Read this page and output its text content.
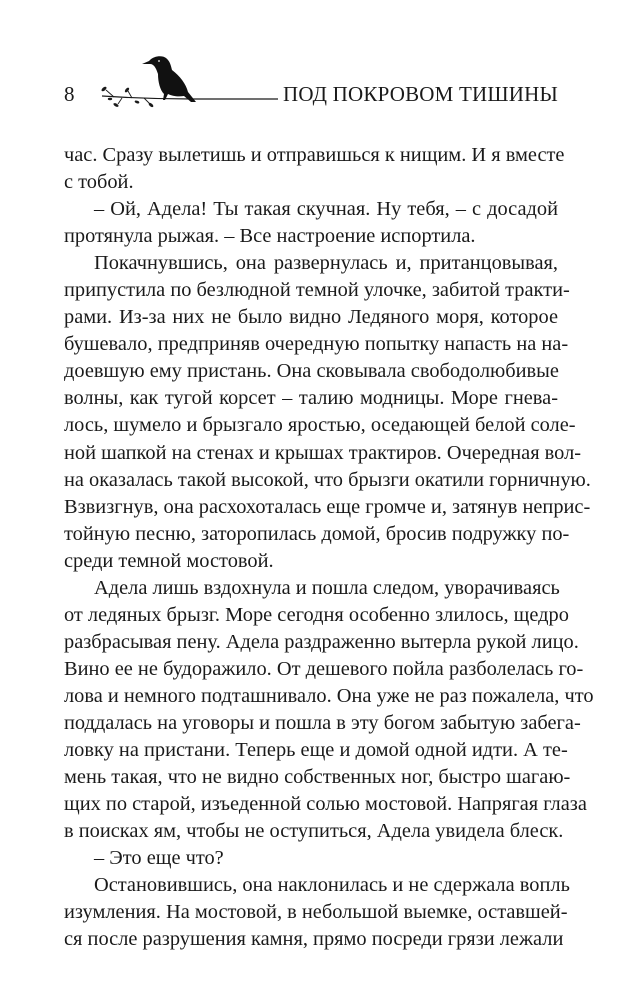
8	ПОД ПОКРОВОМ ТИШИНЫ
час. Сразу вылетишь и отправишься к нищим. И я вместе
с тобой.
– Ой, Адела! Ты такая скучная. Ну тебя, – с досадой
протянула рыжая. – Все настроение испортила.
Покачнувшись, она развернулась и, пританцовывая,
припустила по безлюдной темной улочке, забитой тракти-
рами. Из-за них не было видно Ледяного моря, которое
бушевало, предприняв очередную попытку напасть на на-
доевшую ему пристань. Она сковывала свободолюбивые
волны, как тугой корсет – талию модницы. Море гнева-
лось, шумело и брызгало яростью, оседающей белой соле-
ной шапкой на стенах и крышах трактиров. Очередная вол-
на оказалась такой высокой, что брызги окатили горничную.
Взвизгнув, она расхохоталась еще громче и, затянув неприс-
тойную песню, заторопилась домой, бросив подружку по-
среди темной мостовой.
Адела лишь вздохнула и пошла следом, уворачиваясь
от ледяных брызг. Море сегодня особенно злилось, щедро
разбрасывая пену. Адела раздраженно вытерла рукой лицо.
Вино ее не будоражило. От дешевого пойла разболелась го-
лова и немного подташнивало. Она уже не раз пожалела, что
поддалась на уговоры и пошла в эту богом забытую забега-
ловку на пристани. Теперь еще и домой одной идти. А те-
мень такая, что не видно собственных ног, быстро шагаю-
щих по старой, изъеденной солью мостовой. Напрягая глаза
в поисках ям, чтобы не оступиться, Адела увидела блеск.
– Это еще что?
Остановившись, она наклонилась и не сдержала вопль
изумления. На мостовой, в небольшой выемке, оставшей-
ся после разрушения камня, прямо посреди грязи лежали
